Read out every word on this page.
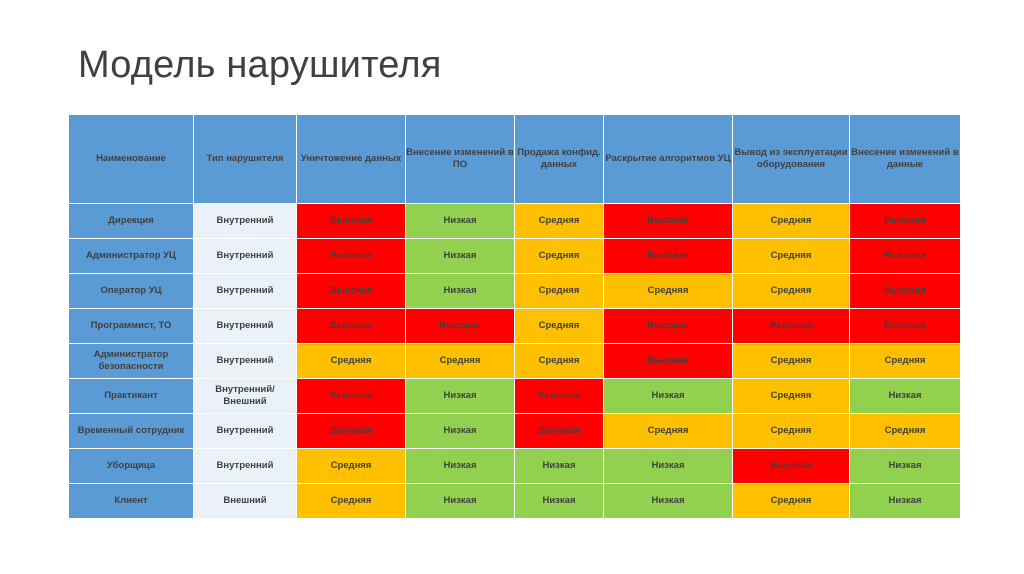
Модель нарушителя
Наименование	Тип нарушителя	Уничтожение данных	Внесение изменений в ПО	Продажа конфид. данных	Раскрытие алгоритмов УЦ	Вывод из эксплуатации оборудования	Внесение изменений в данные
Дирекция	Внутренний	Высокая	Низкая	Средняя	Высокая	Средняя	Высокая
Администратор УЦ	Внутренний	Высокая	Низкая	Средняя	Высокая	Средняя	Высокая
Оператор УЦ	Внутренний	Высокая	Низкая	Средняя	Средняя	Средняя	Высокая
Программист, ТО	Внутренний	Высокая	Высокая	Средняя	Высокая	Высокая	Высокая
Администратор безопасности	Внутренний	Средняя	Средняя	Средняя	Высокая	Средняя	Средняя
Практикант	Внутренний/ Внешний	Высокая	Низкая	Высокая	Низкая	Средняя	Низкая
Временный сотрудник	Внутренний	Высокая	Низкая	Высокая	Средняя	Средняя	Средняя
Уборщица	Внутренний	Средняя	Низкая	Низкая	Низкая	Высокая	Низкая
Клиент	Внешний	Средняя	Низкая	Низкая	Низкая	Средняя	Низкая
